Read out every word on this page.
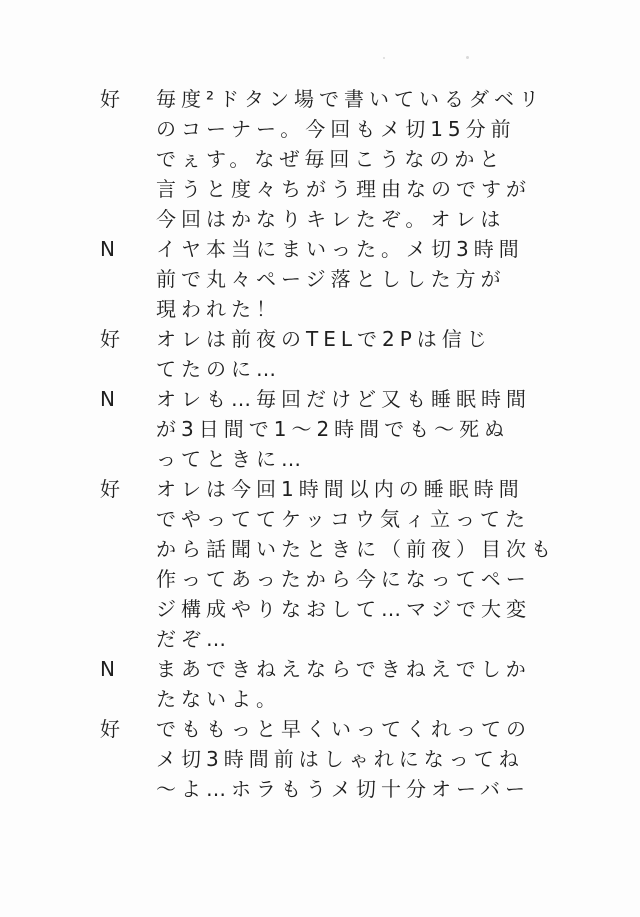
好	毎度²ドタン場で書いているダベリ
のコーナー。今回もメ切15分前
でぇす。なぜ毎回こうなのかと
言うと度々ちがう理由なのですが
今回はかなりキレたぞ。オレは
N	イヤ本当にまいった。メ切3時間
前で丸々ページ落としした方が
現われた！
好	オレは前夜のTELで2Pは信じ
てたのに…
N	オレも…毎回だけど又も睡眠時間
が3日間で1～2時間でも～死ぬ
ってときに…
好	オレは今回1時間以内の睡眠時間
でやっててケッコウ気ィ立ってた
から話聞いたときに（前夜）目次も
作ってあったから今になってペー
ジ構成やりなおして…マジで大変
だぞ…
N	まあできねえならできねえでしか
たないよ。
好	でももっと早くいってくれっての
メ切3時間前はしゃれになってね
～よ…ホラもうメ切十分オーバー
